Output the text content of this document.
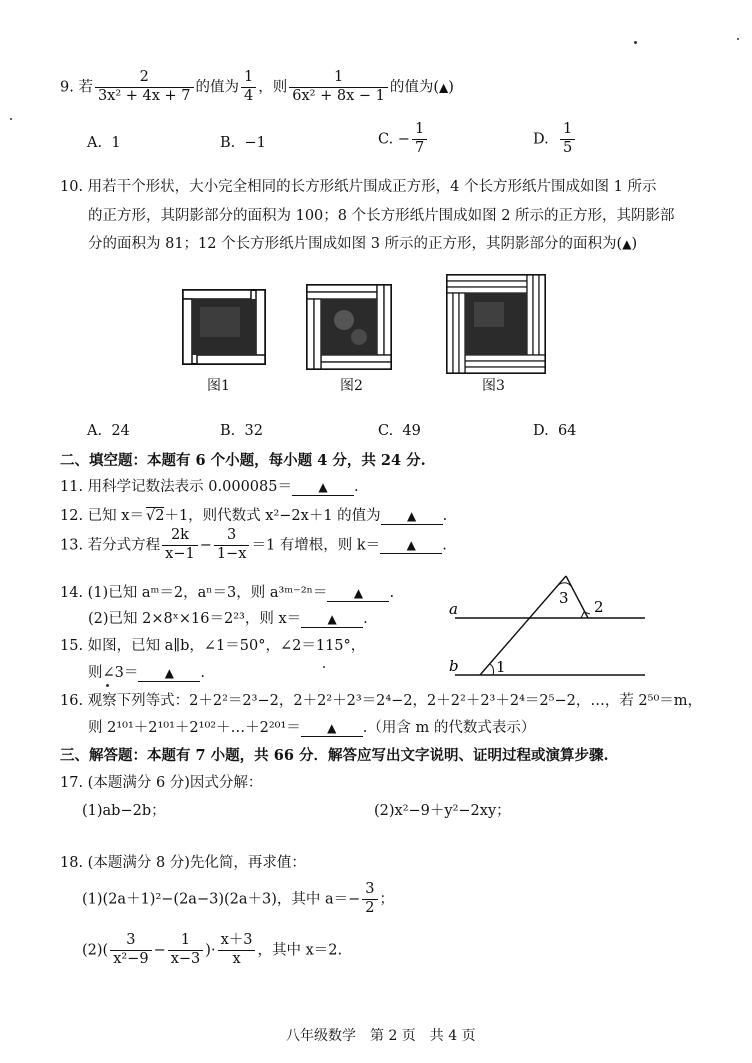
9. 若 $\frac{2}{\text{3x² + 4x + 7}}$ 的值为 $\frac{1}{4}$ ，则 $\frac{1}{\text{6x² + 8x − 1}}$ 的值为(▲)
A. 1	B. −1	C. − $\frac{1}{7}$	D. $\frac{1}{5}$
10. 用若干个形状，大小完全相同的长方形纸片围成正方形，4 个长方形纸片围成如图 1 所示
的正方形，其阴影部分的面积为 100；8 个长方形纸片围成如图 2 所示的正方形，其阴影部
分的面积为 81；12 个长方形纸片围成如图 3 所示的正方形，其阴影部分的面积为(▲)
图1	图2	图3
A. 24	B. 32	C. 49	D. 64
二、填空题：本题有 6 个小题，每小题 4 分，共 24 分.
11. 用科学记数法表示 0.000085＝ ▲ .
12. 已知 x＝ √2＋1，则代数式 x²−2x＋1 的值为 ▲ .
13. 若分式方程 $\frac{2k}{x-1} - \frac{3}{1-x} =1$ 有增根，则 k＝ ▲ .
14. (1)已知 aᵐ＝2，aⁿ＝3，则 a³ᵐ⁻²ⁿ＝ ▲ .
(2)已知 2×8ˣ×16＝2²³，则 x＝ ▲ .
15. 如图，已知 a∥b，∠1＝50°，∠2＝115°，
则∠3＝ ▲ .
a
b 1
2
3
16. 观察下列等式：2＋2²＝2³−2，2＋2²＋2³＝2⁴−2，2＋2²＋2³＋2⁴＝2⁵−2，…，若 2⁵⁰＝m，
则 2¹⁰¹＋2¹⁰¹＋2¹⁰²＋…＋2²⁰¹＝ ▲ .（用含 m 的代数式表示）
三、解答题：本题有 7 小题，共 66 分．解答应写出文字说明、证明过程或演算步骤.
17. (本题满分 6 分)因式分解：
(1)ab−2b；	(2)x²−9＋y²−2xy；
18. (本题满分 8 分)先化简，再求值：
(1)(2a＋1)²−(2a−3)(2a＋3)，其中 $a=- \frac{3}{2}$ ；
$(2)( \frac{3}{\text{x²−9}} - \frac{1}{x-3}$ )· $\frac{x+3}{x}$ ，其中 x＝2.
八年级数学　第 2 页　共 4 页
